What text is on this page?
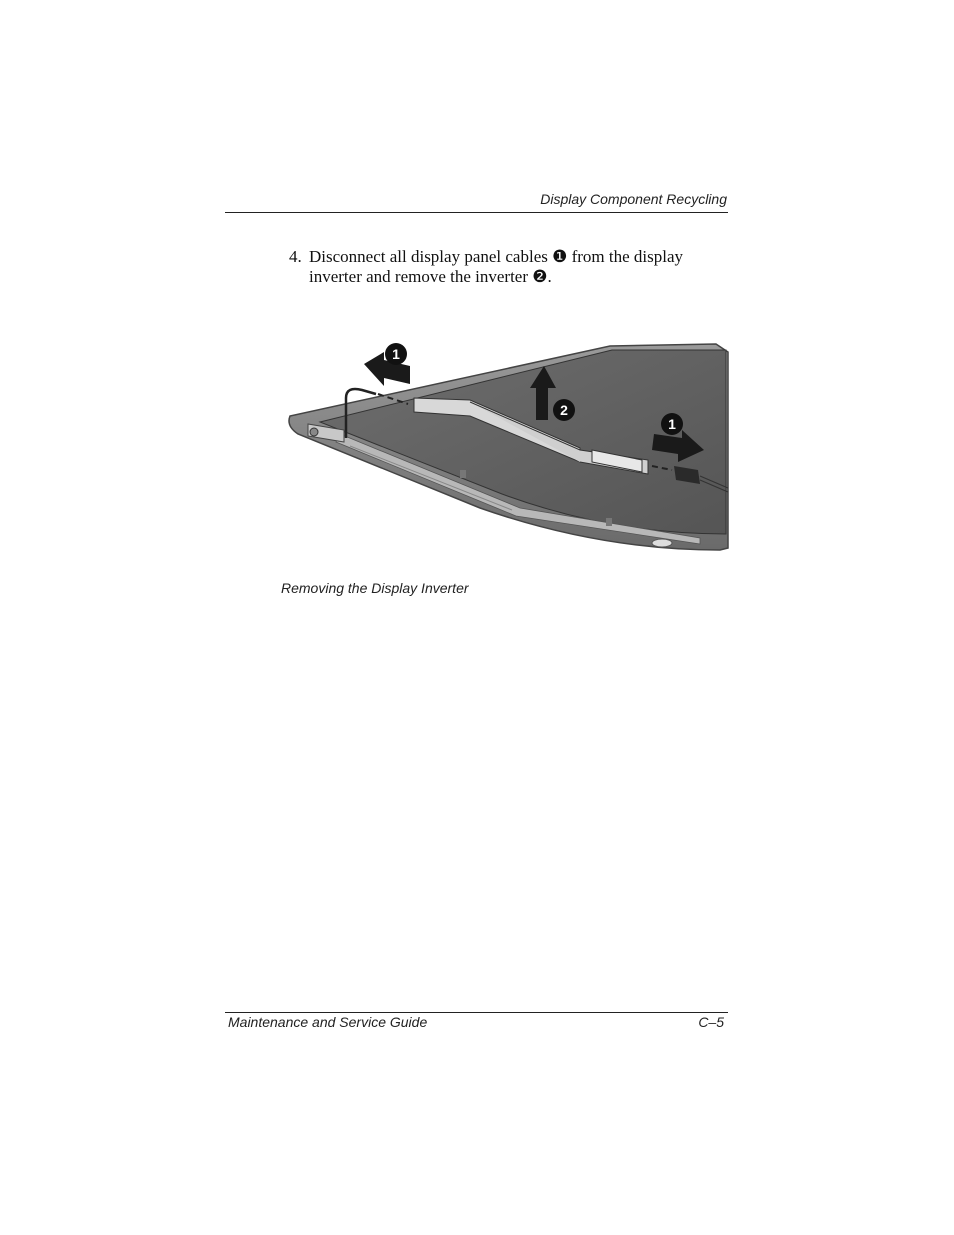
Display Component Recycling
4. Disconnect all display panel cables ❶ from the display inverter and remove the inverter ❷.
1
2
1
Removing the Display Inverter
Maintenance and Service Guide	C–5
